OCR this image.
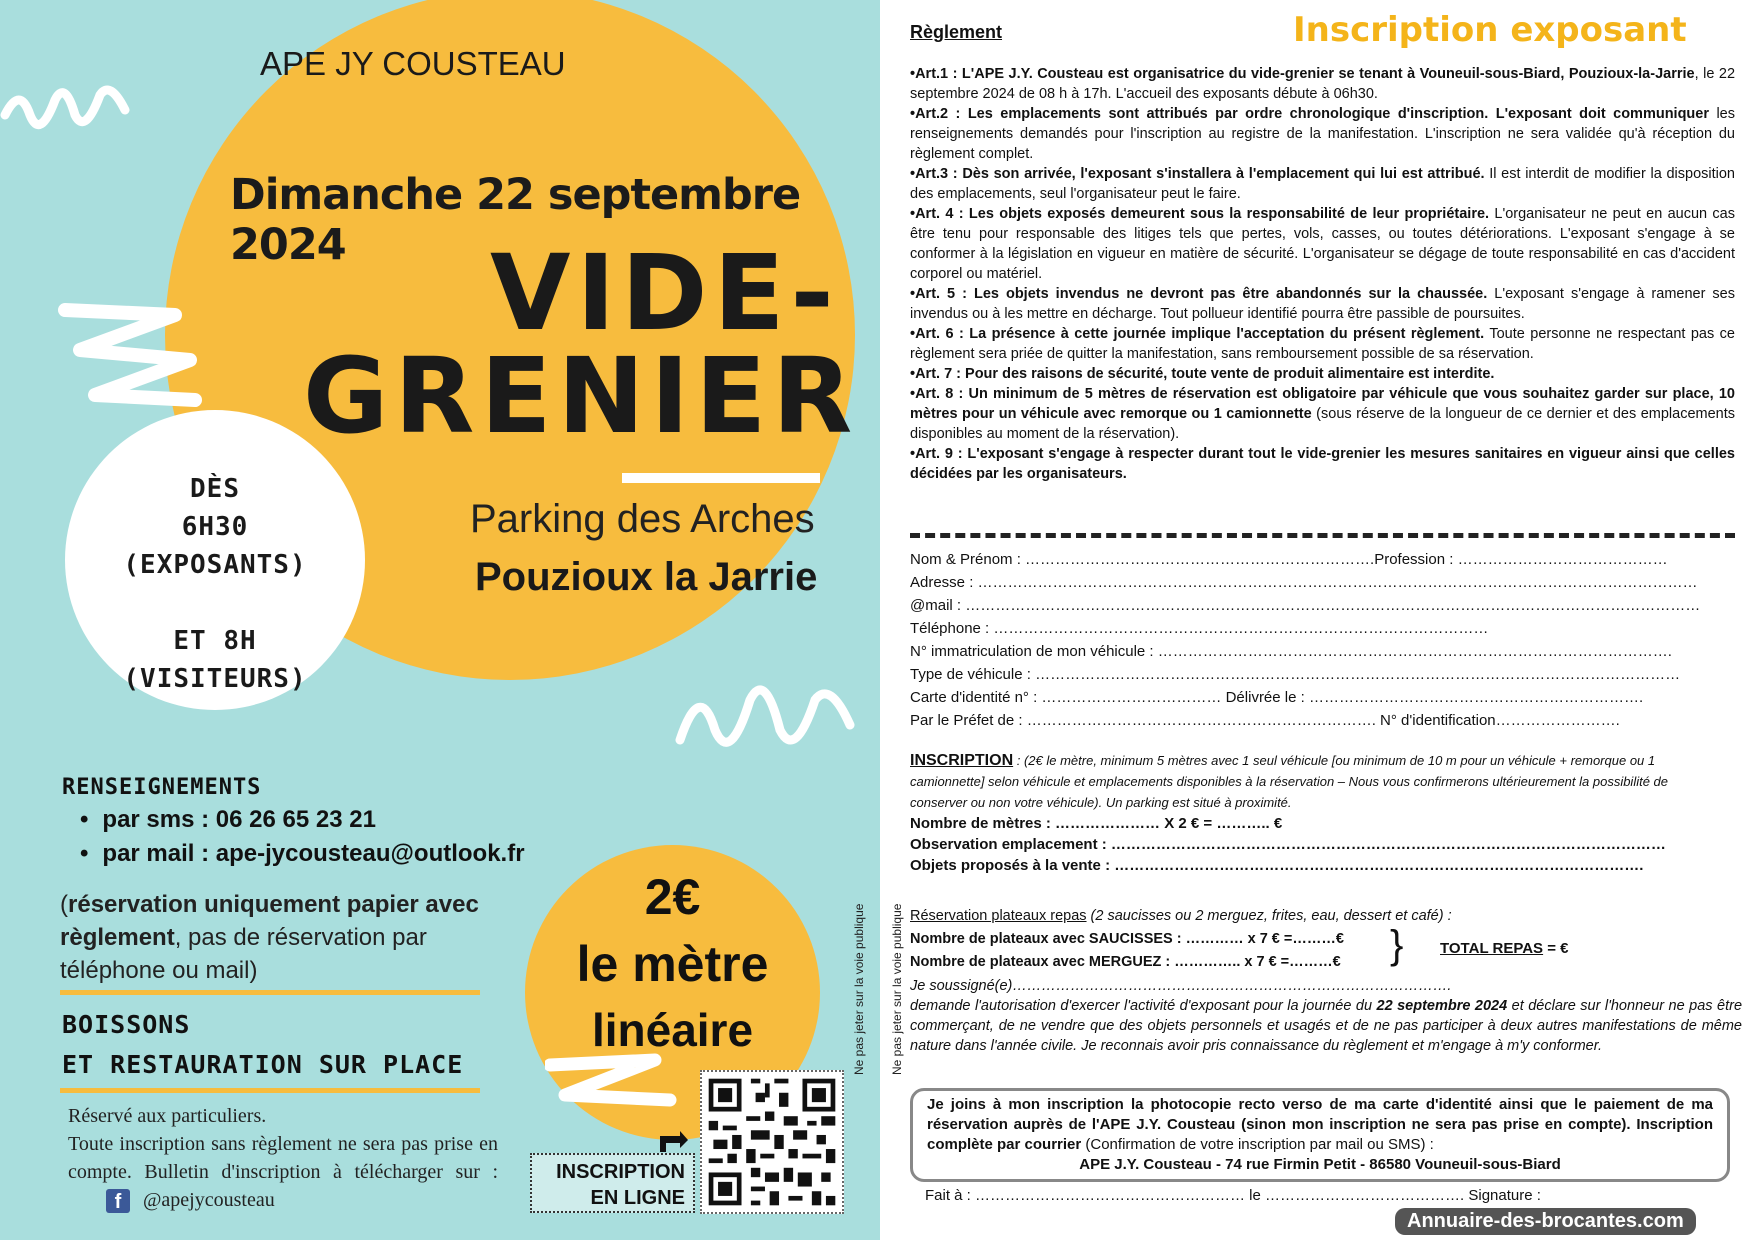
APE JY COUSTEAU
Dimanche 22 septembre 2024	VIDE-
GRENIER
DÈS
6H30
(EXPOSANTS)
ET 8H
(VISITEURS)
Parking des Arches
Pouzioux la Jarrie
RENSEIGNEMENTS
• par sms : 06 26 65 23 21
• par mail : ape-jycousteau@outlook.fr
(réservation uniquement papier avec règlement, pas de réservation par téléphone ou mail)
BOISSONS
ET RESTAURATION SUR PLACE
Réservé aux particuliers.
Toute inscription sans règlement ne sera pas prise en compte. Bulletin d'inscription à télécharger sur : f @apejycousteau
2€
le mètre
linéaire
INSCRIPTION
EN LIGNE
Ne pas jeter sur la voie publique Ne pas jeter sur la voie publique
Règlement	Inscription exposant

•Art.1 : L'APE J.Y. Cousteau est organisatrice du vide-grenier se tenant à Vouneuil-sous-Biard, Pouzioux-la-Jarrie, le 22 septembre 2024 de 08 h à 17h. L'accueil des exposants débute à 06h30.

•Art.2 : Les emplacements sont attribués par ordre chronologique d'inscription. L'exposant doit communiquer les renseignements demandés pour l'inscription au registre de la manifestation. L'inscription ne sera validée qu'à réception du règlement complet.

•Art.3 : Dès son arrivée, l'exposant s'installera à l'emplacement qui lui est attribué. Il est interdit de modifier la disposition des emplacements, seul l'organisateur peut le faire.

•Art. 4 : Les objets exposés demeurent sous la responsabilité de leur propriétaire. L'organisateur ne peut en aucun cas être tenu pour responsable des litiges tels que pertes, vols, casses, ou toutes détériorations. L'exposant s'engage à se conformer à la législation en vigueur en matière de sécurité. L'organisateur se dégage de toute responsabilité en cas d'accident corporel ou matériel.

•Art. 5 : Les objets invendus ne devront pas être abandonnés sur la chaussée. L'exposant s'engage à ramener ses invendus ou à les mettre en décharge. Tout pollueur identifié pourra être passible de poursuites.

•Art. 6 : La présence à cette journée implique l'acceptation du présent règlement. Toute personne ne respectant pas ce règlement sera priée de quitter la manifestation, sans remboursement possible de sa réservation.

•Art. 7 : Pour des raisons de sécurité, toute vente de produit alimentaire est interdite.

•Art. 8 : Un minimum de 5 mètres de réservation est obligatoire par véhicule que vous souhaitez garder sur place, 10 mètres pour un véhicule avec remorque ou 1 camionnette (sous réserve de la longueur de ce dernier et des emplacements disponibles au moment de la réservation).

•Art. 9 : L'exposant s'engage à respecter durant tout le vide-grenier les mesures sanitaires en vigueur ainsi que celles décidées par les organisateurs.

Nom & Prénom : …………………………………………………………….Profession : ……………………………………
Adresse : ………………………………………………………………………………………………………………………………
@mail : …………………………………………………………………………………………………………………………………
Téléphone : ………………………………………………………………………………………
N° immatriculation de mon véhicule : ………………………………………………………………………………………….
Type de véhicule : …………………………………………………………………………………………………………………
Carte d'identité n° : ……………………………… Délivrée le : ………………………………………………………….
Par le Préfet de : ……………………………………………………………. N° d'identification…………………….
INSCRIPTION : (2€ le mètre, minimum 5 mètres avec 1 seul véhicule [ou minimum de 10 m pour un véhicule + remorque ou 1 camionnette] selon véhicule et emplacements disponibles à la réservation – Nous vous confirmerons ultérieurement la possibilité de conserver ou non votre véhicule). Un parking est situé à proximité.
Nombre de mètres : ………………… X 2 € = ……….. €
Observation emplacement : …………………………………………………………………………………………………
Objets proposés à la vente : …………………………………………………………………………………………….
Réservation plateaux repas (2 saucisses ou 2 merguez, frites, eau, dessert et café) :
Nombre de plateaux avec SAUCISSES : ………… x 7 € =………€
Nombre de plateaux avec MERGUEZ : ………….. x 7 € =………€	} TOTAL REPAS = €
Je soussigné(e)……………………………………………………………………………….
demande l'autorisation d'exercer l'activité d'exposant pour la journée du 22 septembre 2024 et déclare sur l'honneur ne pas être commerçant, de ne vendre que des objets personnels et usagés et de ne pas participer à deux autres manifestations de même nature dans l'année civile. Je reconnais avoir pris connaissance du règlement et m'engage à m'y conformer.
Je joins à mon inscription la photocopie recto verso de ma carte d'identité ainsi que le paiement de ma réservation auprès de l'APE J.Y. Cousteau (sinon mon inscription ne sera pas prise en compte). Inscription complète par courrier (Confirmation de votre inscription par mail ou SMS) :
APE J.Y. Cousteau - 74 rue Firmin Petit - 86580 Vouneuil-sous-Biard
Fait à : ……………………………………………… le …………………………………. Signature :
Annuaire-des-brocantes.com
